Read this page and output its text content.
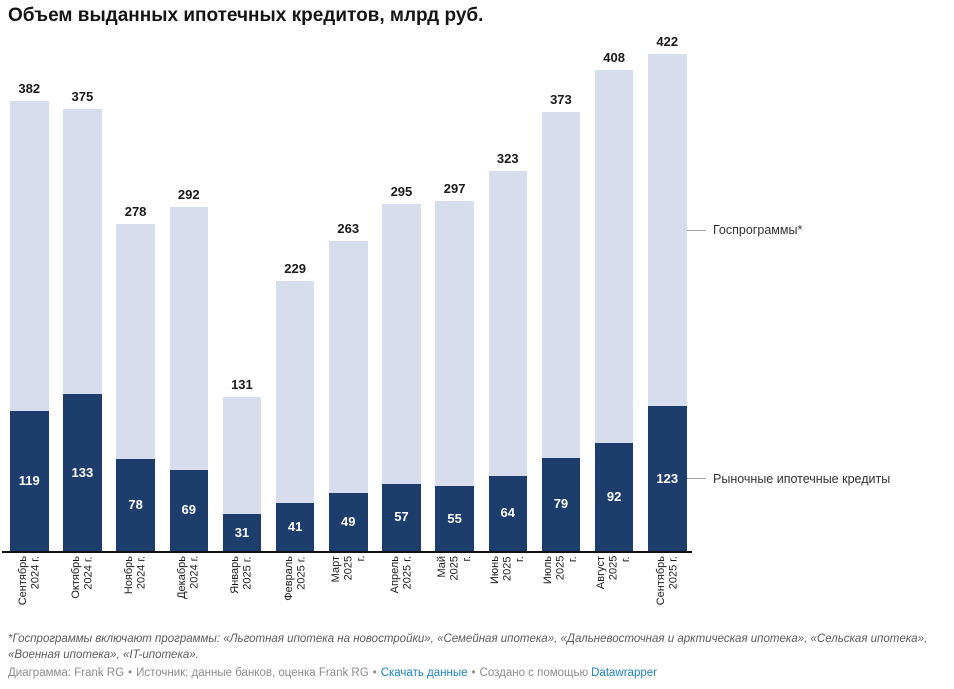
Объем выданных ипотечных кредитов, млрд руб.
382
119
Сентябрь
2024 г.
375
133
Октябрь
2024 г.
278
78
Ноябрь
2024 г.
292
69
Декабрь
2024 г.
131
31
Январь
2025 г.
229
41
Февраль
2025 г.
263
49
Март
2025
г.
295
57
Апрель
2025 г.
297
55
Май
2025
г.
323
64
Июнь
2025
г.
373
79
Июль
2025
г.
408
92
Август
2025
г.
422
123
Сентябрь
2025 г.
Госпрограммы*
Рыночные ипотечные кредиты
*Госпрограммы включают программы: «Льготная ипотека на новостройки», «Семейная ипотека», «Дальневосточная и арктическая ипотека», «Сельская ипотека», «Военная ипотека», «IT-ипотека».
Диаграмма: Frank RG • Источник: данные банков, оценка Frank RG • Скачать данные • Создано с помощью Datawrapper
